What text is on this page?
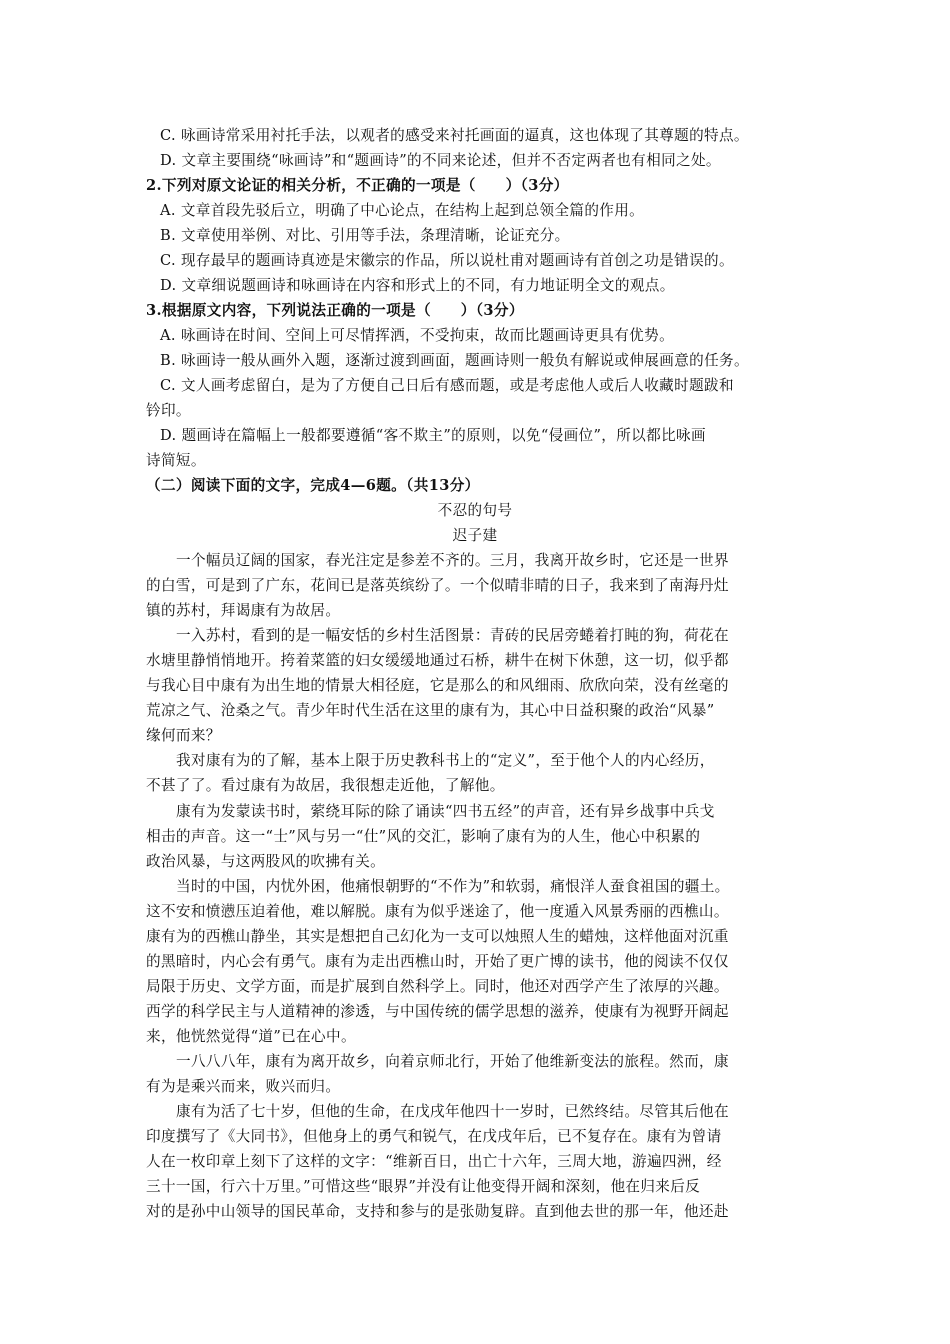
C. 咏画诗常采用衬托手法，以观者的感受来衬托画面的逼真，这也体现了其尊题的特点。
D. 文章主要围绕“咏画诗”和“题画诗”的不同来论述，但并不否定两者也有相同之处。
2.下列对原文论证的相关分析，不正确的一项是（　　）（3分）
A. 文章首段先驳后立，明确了中心论点，在结构上起到总领全篇的作用。
B. 文章使用举例、对比、引用等手法，条理清晰，论证充分。
C. 现存最早的题画诗真迹是宋徽宗的作品，所以说杜甫对题画诗有首创之功是错误的。
D. 文章细说题画诗和咏画诗在内容和形式上的不同，有力地证明全文的观点。
3.根据原文内容，下列说法正确的一项是（　　）（3分）
A. 咏画诗在时间、空间上可尽情挥洒，不受拘束，故而比题画诗更具有优势。
B. 咏画诗一般从画外入题，逐渐过渡到画面，题画诗则一般负有解说或伸展画意的任务。
C. 文人画考虑留白，是为了方便自己日后有感而题，或是考虑他人或后人收藏时题跋和
钤印。
D. 题画诗在篇幅上一般都要遵循“客不欺主”的原则，以免“侵画位”，所以都比咏画
诗简短。
（二）阅读下面的文字，完成4—6题。（共13分）
不忍的句号
迟子建
一个幅员辽阔的国家，春光注定是参差不齐的。三月，我离开故乡时，它还是一世界
的白雪，可是到了广东，花间已是落英缤纷了。一个似晴非晴的日子，我来到了南海丹灶
镇的苏村，拜谒康有为故居。
一入苏村，看到的是一幅安恬的乡村生活图景：青砖的民居旁蜷着打盹的狗，荷花在
水塘里静悄悄地开。挎着菜篮的妇女缓缓地通过石桥，耕牛在树下休憩，这一切，似乎都
与我心目中康有为出生地的情景大相径庭，它是那么的和风细雨、欣欣向荣，没有丝毫的
荒凉之气、沧桑之气。青少年时代生活在这里的康有为，其心中日益积聚的政治“风暴”
缘何而来？
我对康有为的了解，基本上限于历史教科书上的“定义”，至于他个人的内心经历，
不甚了了。看过康有为故居，我很想走近他，了解他。
康有为发蒙读书时，萦绕耳际的除了诵读“四书五经”的声音，还有异乡战事中兵戈
相击的声音。这一“士”风与另一“仕”风的交汇，影响了康有为的人生，他心中积累的
政治风暴，与这两股风的吹拂有关。
当时的中国，内忧外困，他痛恨朝野的“不作为”和软弱，痛恨洋人蚕食祖国的疆土。
这不安和愤懑压迫着他，难以解脱。康有为似乎迷途了，他一度遁入风景秀丽的西樵山。
康有为的西樵山静坐，其实是想把自己幻化为一支可以烛照人生的蜡烛，这样他面对沉重
的黑暗时，内心会有勇气。康有为走出西樵山时，开始了更广博的读书，他的阅读不仅仅
局限于历史、文学方面，而是扩展到自然科学上。同时，他还对西学产生了浓厚的兴趣。
西学的科学民主与人道精神的渗透，与中国传统的儒学思想的滋养，使康有为视野开阔起
来，他恍然觉得“道”已在心中。
一八八八年，康有为离开故乡，向着京师北行，开始了他维新变法的旅程。然而，康
有为是乘兴而来，败兴而归。
康有为活了七十岁，但他的生命，在戊戌年他四十一岁时，已然终结。尽管其后他在
印度撰写了《大同书》，但他身上的勇气和锐气，在戊戌年后，已不复存在。康有为曾请
人在一枚印章上刻下了这样的文字：“维新百日，出亡十六年，三周大地，游遍四洲，经
三十一国，行六十万里。”可惜这些“眼界”并没有让他变得开阔和深刻，他在归来后反
对的是孙中山领导的国民革命，支持和参与的是张勋复辟。直到他去世的那一年，他还赴
